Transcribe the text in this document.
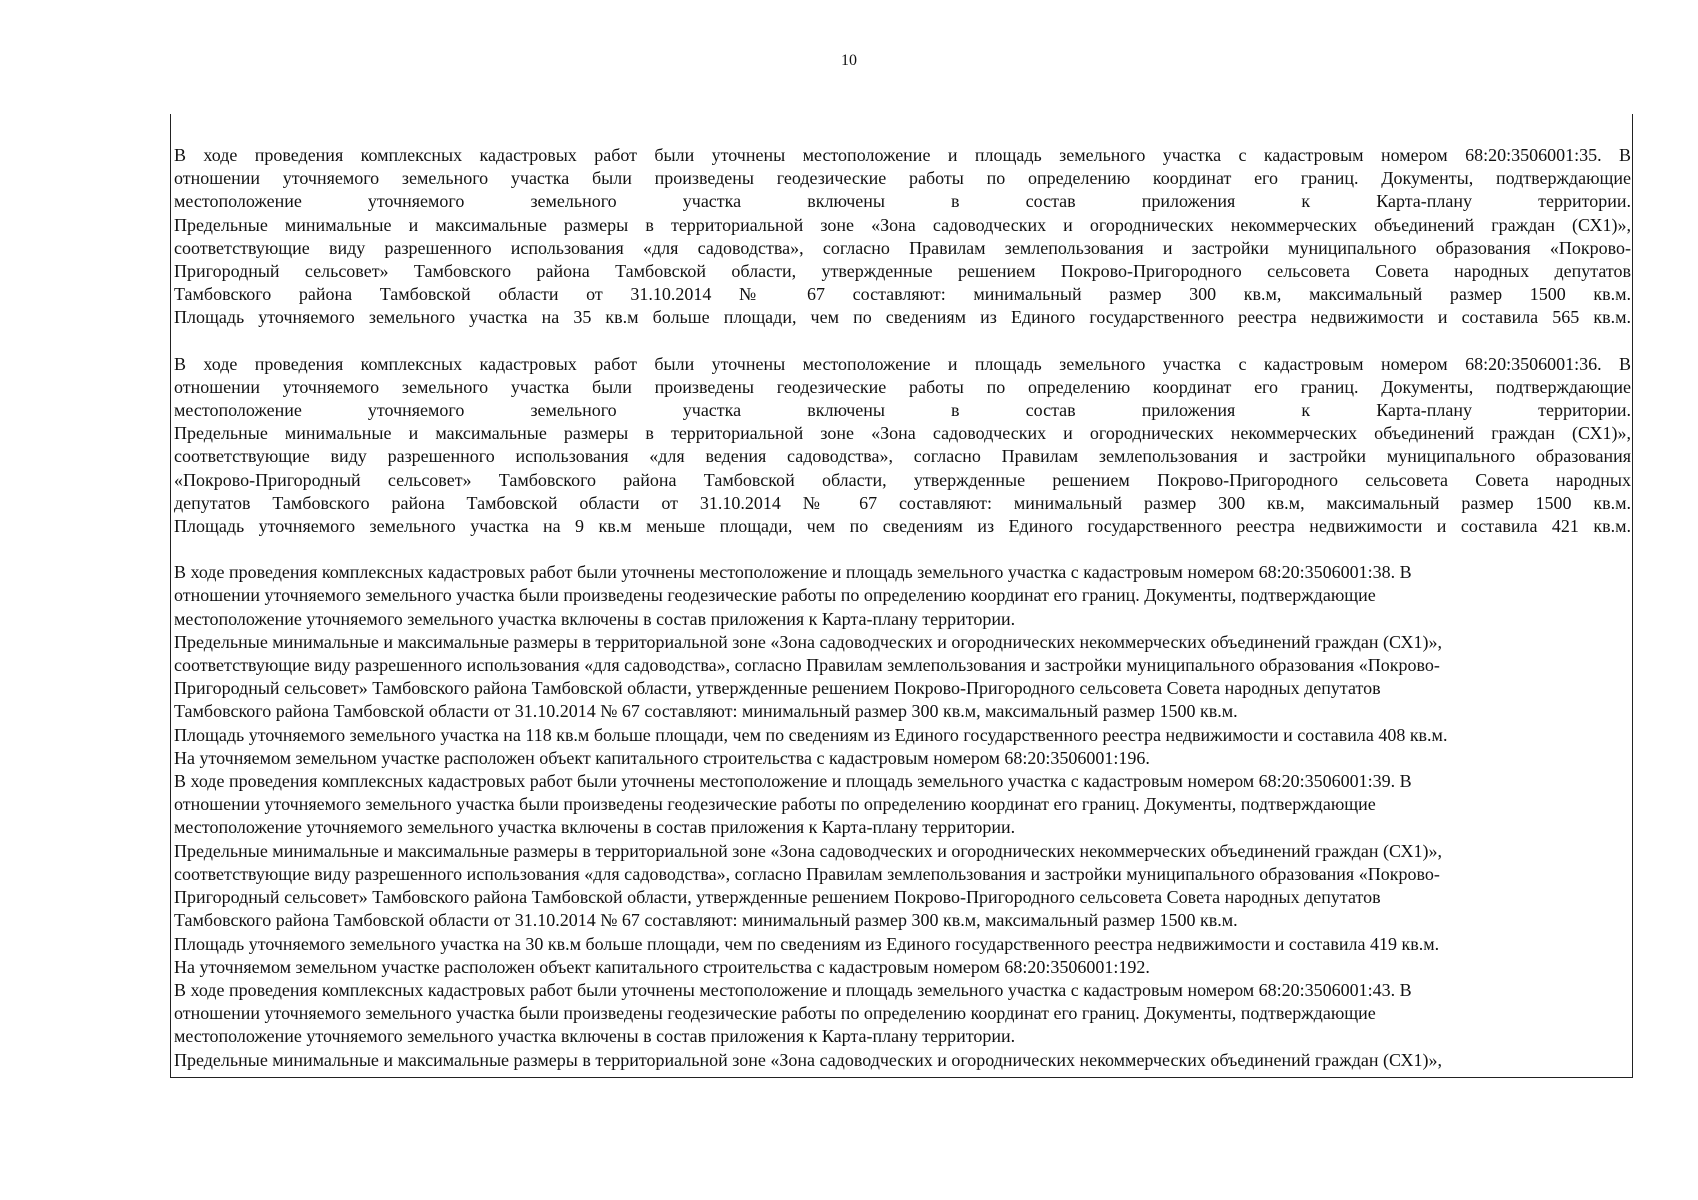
10

В ходе проведения комплексных кадастровых работ были уточнены местоположение и площадь земельного участка с кадастровым номером 68:20:3506001:35. В
отношении уточняемого земельного участка были произведены геодезические работы по определению координат его границ. Документы, подтверждающие
местоположение уточняемого земельного участка включены в состав приложения к Карта-плану территории.
Предельные минимальные и максимальные размеры в территориальной зоне «Зона садоводческих и огороднических некоммерческих объединений граждан (СХ1)»,
соответствующие виду разрешенного использования «для садоводства», согласно Правилам землепользования и застройки муниципального образования «Покрово-
Пригородный сельсовет» Тамбовского района Тамбовской области, утвержденные решением Покрово-Пригородного сельсовета Совета народных депутатов
Тамбовского района Тамбовской области от 31.10.2014 № 67 составляют: минимальный размер 300 кв.м, максимальный размер 1500 кв.м.
Площадь уточняемого земельного участка на 35 кв.м больше площади, чем по сведениям из Единого государственного реестра недвижимости и составила 565 кв.м.

В ходе проведения комплексных кадастровых работ были уточнены местоположение и площадь земельного участка с кадастровым номером 68:20:3506001:36. В
отношении уточняемого земельного участка были произведены геодезические работы по определению координат его границ. Документы, подтверждающие
местоположение уточняемого земельного участка включены в состав приложения к Карта-плану территории.
Предельные минимальные и максимальные размеры в территориальной зоне «Зона садоводческих и огороднических некоммерческих объединений граждан (СХ1)»,
соответствующие виду разрешенного использования «для ведения садоводства», согласно Правилам землепользования и застройки муниципального образования
«Покрово-Пригородный сельсовет» Тамбовского района Тамбовской области, утвержденные решением Покрово-Пригородного сельсовета Совета народных
депутатов Тамбовского района Тамбовской области от 31.10.2014 № 67 составляют: минимальный размер 300 кв.м, максимальный размер 1500 кв.м.
Площадь уточняемого земельного участка на 9 кв.м меньше площади, чем по сведениям из Единого государственного реестра недвижимости и составила 421 кв.м.

В ходе проведения комплексных кадастровых работ были уточнены местоположение и площадь земельного участка с кадастровым номером 68:20:3506001:38. В
отношении уточняемого земельного участка были произведены геодезические работы по определению координат его границ. Документы, подтверждающие
местоположение уточняемого земельного участка включены в состав приложения к Карта-плану территории.
Предельные минимальные и максимальные размеры в территориальной зоне «Зона садоводческих и огороднических некоммерческих объединений граждан (СХ1)»,
соответствующие виду разрешенного использования «для садоводства», согласно Правилам землепользования и застройки муниципального образования «Покрово-
Пригородный сельсовет» Тамбовского района Тамбовской области, утвержденные решением Покрово-Пригородного сельсовета Совета народных депутатов
Тамбовского района Тамбовской области от 31.10.2014 № 67 составляют: минимальный размер 300 кв.м, максимальный размер 1500 кв.м.
Площадь уточняемого земельного участка на 118 кв.м больше площади, чем по сведениям из Единого государственного реестра недвижимости и составила 408 кв.м.
На уточняемом земельном участке расположен объект капитального строительства с кадастровым номером 68:20:3506001:196.
В ходе проведения комплексных кадастровых работ были уточнены местоположение и площадь земельного участка с кадастровым номером 68:20:3506001:39. В
отношении уточняемого земельного участка были произведены геодезические работы по определению координат его границ. Документы, подтверждающие
местоположение уточняемого земельного участка включены в состав приложения к Карта-плану территории.
Предельные минимальные и максимальные размеры в территориальной зоне «Зона садоводческих и огороднических некоммерческих объединений граждан (СХ1)»,
соответствующие виду разрешенного использования «для садоводства», согласно Правилам землепользования и застройки муниципального образования «Покрово-
Пригородный сельсовет» Тамбовского района Тамбовской области, утвержденные решением Покрово-Пригородного сельсовета Совета народных депутатов
Тамбовского района Тамбовской области от 31.10.2014 № 67 составляют: минимальный размер 300 кв.м, максимальный размер 1500 кв.м.
Площадь уточняемого земельного участка на 30 кв.м больше площади, чем по сведениям из Единого государственного реестра недвижимости и составила 419 кв.м.
На уточняемом земельном участке расположен объект капитального строительства с кадастровым номером 68:20:3506001:192.
В ходе проведения комплексных кадастровых работ были уточнены местоположение и площадь земельного участка с кадастровым номером 68:20:3506001:43. В
отношении уточняемого земельного участка были произведены геодезические работы по определению координат его границ. Документы, подтверждающие
местоположение уточняемого земельного участка включены в состав приложения к Карта-плану территории.
Предельные минимальные и максимальные размеры в территориальной зоне «Зона садоводческих и огороднических некоммерческих объединений граждан (СХ1)»,
